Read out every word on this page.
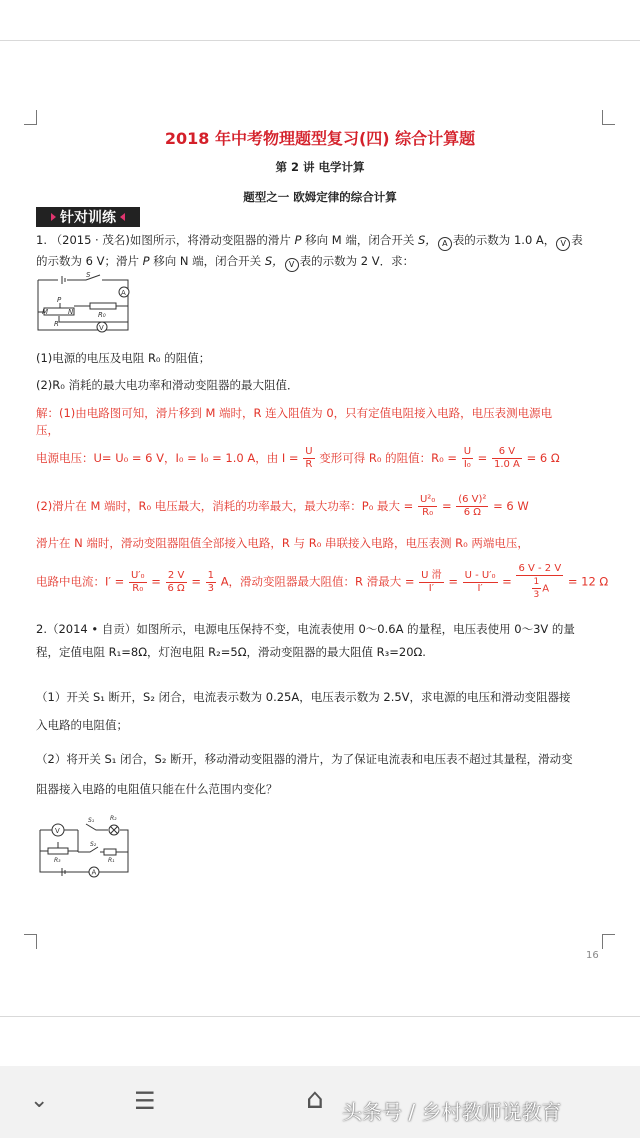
2018 年中考物理题型复习(四) 综合计算题
第 2 讲 电学计算
题型之一 欧姆定律的综合计算
针对训练
1. （2015 · 茂名)如图所示，将滑动变阻器的滑片 P 移向 M 端，闭合开关 S， A 表的示数为 1.0 A， V 表
的示数为 6 V；滑片 P 移向 N 端，闭合开关 S， V 表的示数为 2 V．求：
S
A
V
M
P
N
R
R₀
(1)电源的电压及电阻 R₀ 的阻值；
(2)R₀ 消耗的最大电功率和滑动变阻器的最大阻值．
解：(1)由电路图可知，滑片移到 M 端时，R 连入阻值为 0，只有定值电阻接入电路，电压表测电源电
压，
电源电压：U= U₀ = 6 V，I₀ = I₀ = 1.0 A，由 $I = \frac{U}{R}$ 变形可得 R₀ 的阻值：$R_0 = \frac{U}{\text{I₀}} = \frac{6 V}{1.0 A} = 6$ Ω
(2)滑片在 M 端时，R₀ 电压最大，消耗的功率最大，最大功率：P₀ 最大 = $\frac{\text{U²₀}}{\text{R₀}} = \frac{\text{(6 V)²}}{6 \Omega} = 6$ W
滑片在 N 端时，滑动变阻器阻值全部接入电路，R 与 R₀ 串联接入电路，电压表测 R₀ 两端电压，
电路中电流：$I' = \frac{\text{U′₀}}{\text{R₀}} = \frac{2 V}{6 \Omega} = \frac{1}{3}$ A，滑动变阻器最大阻值：R 滑最大 = $\frac{\text{U 滑}}{I'} = \frac{\text{U - U′₀}}{I'} = \frac{6 V - 2 V}{\frac{1}{3} A} = 12$ Ω
2.（2014 • 自贡）如图所示，电源电压保持不变，电流表使用 0～0.6A 的量程，电压表使用 0～3V 的量
程，定值电阻 R₁=8Ω，灯泡电阻 R₂=5Ω，滑动变阻器的最大阻值 R₃=20Ω.
（1）开关 S₁ 断开，S₂ 闭合，电流表示数为 0.25A，电压表示数为 2.5V，求电源的电压和滑动变阻器接
入电路的电阻值；
（2）将开关 S₁ 闭合，S₂ 断开，移动滑动变阻器的滑片，为了保证电流表和电压表不超过其量程，滑动变
阻器接入电路的电阻值只能在什么范围内变化？
V
A
S₁
S₂
R₂
R₃	R₁
16
⌄	☰	⌂ 头条号 / 乡村教师说教育
